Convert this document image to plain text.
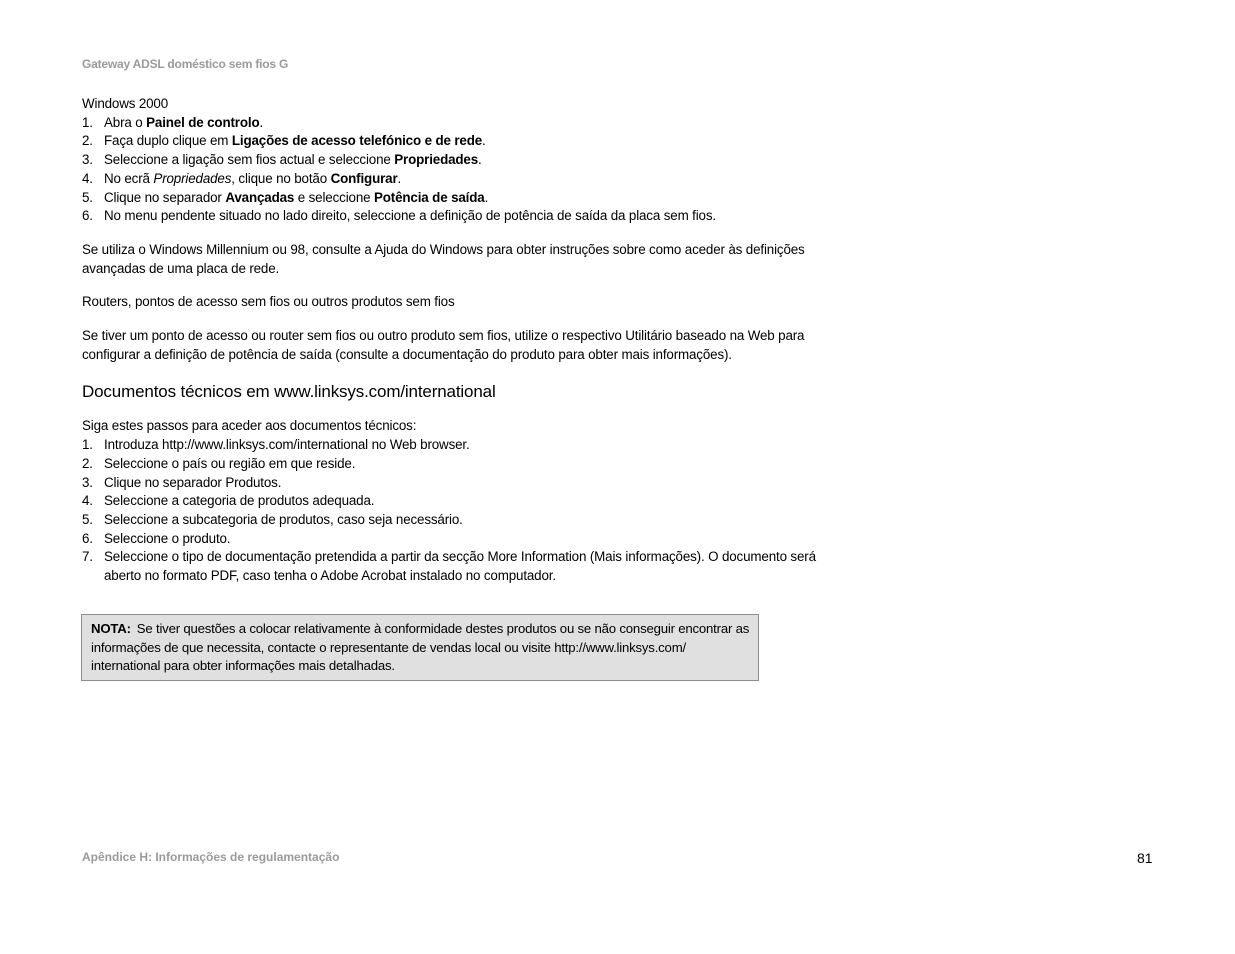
Gateway ADSL doméstico sem fios G

Windows 2000

1. Abra o Painel de controlo.
2. Faça duplo clique em Ligações de acesso telefónico e de rede.
3. Seleccione a ligação sem fios actual e seleccione Propriedades.
4. No ecrã Propriedades, clique no botão Configurar.
5. Clique no separador Avançadas e seleccione Potência de saída.
6. No menu pendente situado no lado direito, seleccione a definição de potência de saída da placa sem fios.

Se utiliza o Windows Millennium ou 98, consulte a Ajuda do Windows para obter instruções sobre como aceder às definições avançadas de uma placa de rede.

Routers, pontos de acesso sem fios ou outros produtos sem fios

Se tiver um ponto de acesso ou router sem fios ou outro produto sem fios, utilize o respectivo Utilitário baseado na Web para configurar a definição de potência de saída (consulte a documentação do produto para obter mais informações).

Documentos técnicos em www.linksys.com/international

Siga estes passos para aceder aos documentos técnicos:

1. Introduza http://www.linksys.com/international no Web browser.
2. Seleccione o país ou região em que reside.
3. Clique no separador Produtos.
4. Seleccione a categoria de produtos adequada.
5. Seleccione a subcategoria de produtos, caso seja necessário.
6. Seleccione o produto.
7. Seleccione o tipo de documentação pretendida a partir da secção More Information (Mais informações). O documento será aberto no formato PDF, caso tenha o Adobe Acrobat instalado no computador.
NOTA: Se tiver questões a colocar relativamente à conformidade destes produtos ou se não conseguir encontrar as informações de que necessita, contacte o representante de vendas local ou visite http://www.linksys.com/ international para obter informações mais detalhadas.
Apêndice H: Informações de regulamentação	81
